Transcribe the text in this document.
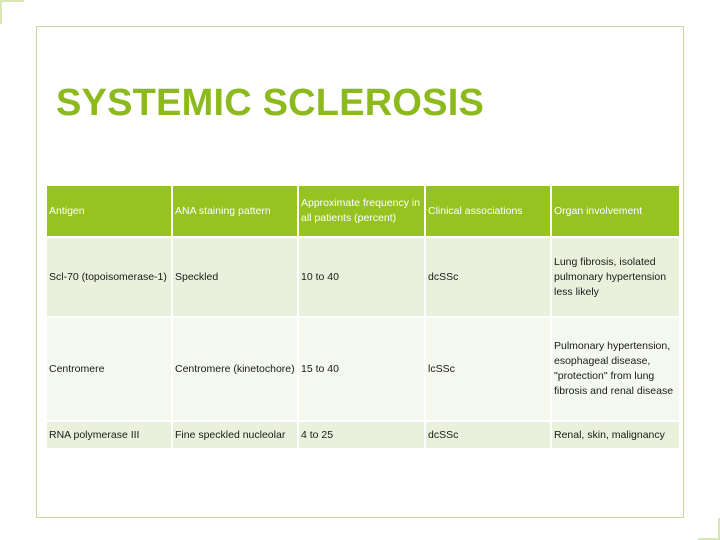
SYSTEMIC SCLEROSIS
Antigen	ANA staining pattern	Approximate frequency in all patients (percent)	Clinical associations	Organ involvement
Scl-70 (topoisomerase-1)	Speckled	10 to 40	dcSSc	Lung fibrosis, isolated pulmonary hypertension less likely
Centromere	Centromere (kinetochore)	15 to 40	lcSSc	Pulmonary hypertension, esophageal disease, "protection" from lung fibrosis and renal disease
RNA polymerase III	Fine speckled nucleolar	4 to 25	dcSSc	Renal, skin, malignancy
